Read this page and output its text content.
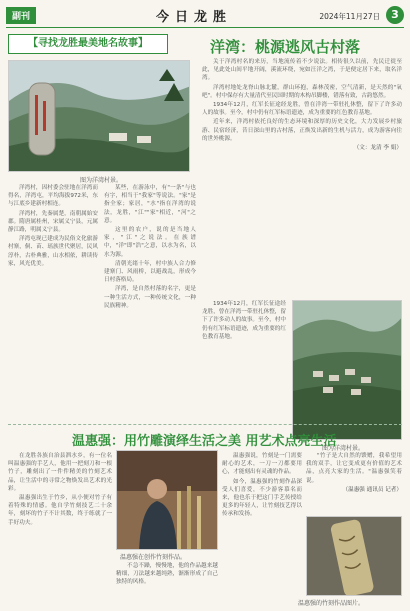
副刊	今日龙胜	2024年11月27日	3
【寻找龙胜最美地名故事】	洋湾：桃源逃风古村落
图为洋湾村景。

洋湾村，因村委会驻地在洋湾而得名，洋湾屯，平均海拔972米，东与江底乡建新村相连。

洋湾村，先秦属楚，南朝属始安郡。隋唐属桂州，宋属义宁县，元属静江路，明属义宁县。

洋湾屯现已建成为民俗文化旅游村寨，侗、苗、瑶族世代聚居，民风淳朴，古朴典雅，山水相依，耕读传家，风光优美。

某些，在游泳中，有"一条"与也有字，相当于"我家"等说法。"家"是指全家；家居，"水"指在洋湾的说法，龙胜，"江""家"相近，"河"之意。

这里的农户，说的是当地人家，"江"之说法。在族谱中，"洋"即"浩"之意，以水为名，以水为源。

清朝光绪十年，村中族人合力修建寨门、风雨桥，以避战乱，形成今日村落格局。

洋湾，是自然村落的名字，更是一种生活方式，一种传统文化，一种民族精神。

关于洋湾村名的来历，当地流传着不少说法。相传很久以前，先民迁徙至此，见此处山间平地开阔，溪流环绕，宛如汪洋之湾，于是便定居下来，取名洋湾。

洋湾村地处龙脊山脉北麓，群山环抱，森林茂密，空气清新，是天然的"氧吧"。村中保存有大量清代至民国时期的木构吊脚楼，错落有致，古韵悠然。

1934年12月，红军长征途经龙胜，曾在洋湾一带驻扎休整，留下了许多动人的故事。至今，村中仍有红军标语遗迹，成为重要的红色教育基地。

近年来，洋湾村依托良好的生态环境和深厚的历史文化，大力发展乡村旅游、民宿经济，昔日深山里的古村落，正焕发出新的生机与活力，成为游客向往的世外桃源。

（文：龙清 李 娟）

1934年12月，红军长征途经龙胜，曾在洋湾一带驻扎休整，留下了许多动人的故事。至今，村中仍有红军标语遗迹，成为重要的红色教育基地。

图为洋湾村景。
温惠强：用竹雕演绎生活之美 用艺术点亮生活

在龙胜各族自治县泗水乡，有一位名叫温惠强的手艺人，他用一把刻刀和一根竹子，雕刻出了一件件精美的竹刻艺术品，让生活中的寻常之物焕发出艺术的光彩。

温惠强出生于竹乡，从小便对竹子有着特殊的情感。他自学竹刻技艺二十余年，刻坏的竹子不计其数，终于练就了一手好功夫。

温惠强在创作竹刻作品。

不急不躁，慢慢地，他的作品越来越精细，刀法越来越纯熟，渐渐形成了自己独特的风格。

温惠强说，竹刻是一门需要耐心的艺术，一刀一刀都要用心，才能刻出有灵魂的作品。

如今，温惠强的竹刻作品深受人们喜爱，不少游客慕名而来，他也乐于把这门手艺传授给更多的年轻人，让竹刻技艺得以传承和发扬。

"竹子是大自然的馈赠，我希望用我的双手，让它变成更有价值的艺术品，点亮大家的生活。"温惠强笑着说。

（温惠强 通讯员 记者）

温惠强的竹刻作品图片。
